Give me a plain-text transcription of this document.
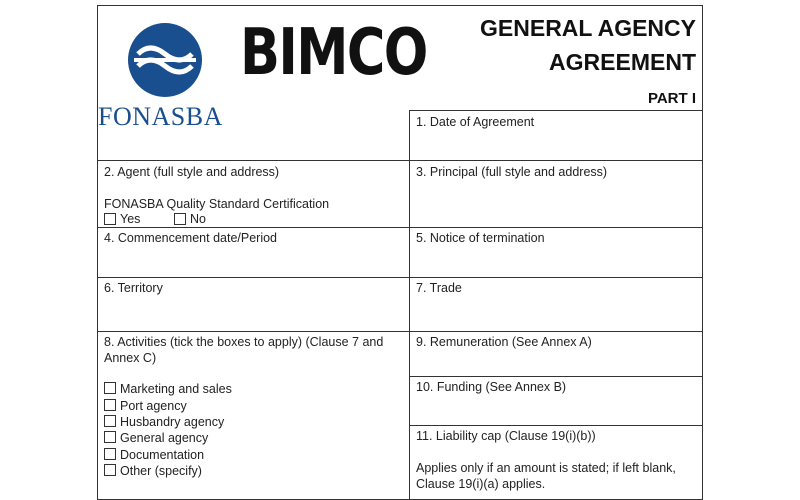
FONASBA
BIMCO GENERAL AGENCY
AGREEMENT
PART I
1. Date of Agreement
2. Agent (full style and address)
FONASBA Quality Standard Certification
Yes	No
3. Principal (full style and address)
4. Commencement date/Period	5. Notice of termination
6. Territory	7. Trade
8. Activities (tick the boxes to apply) (Clause 7 and Annex C)
Marketing and sales
Port agency
Husbandry agency
General agency
Documentation
Other (specify)
9. Remuneration (See Annex A)
10. Funding (See Annex B)
11. Liability cap (Clause 19(i)(b))
Applies only if an amount is stated; if left blank, Clause 19(i)(a) applies.
